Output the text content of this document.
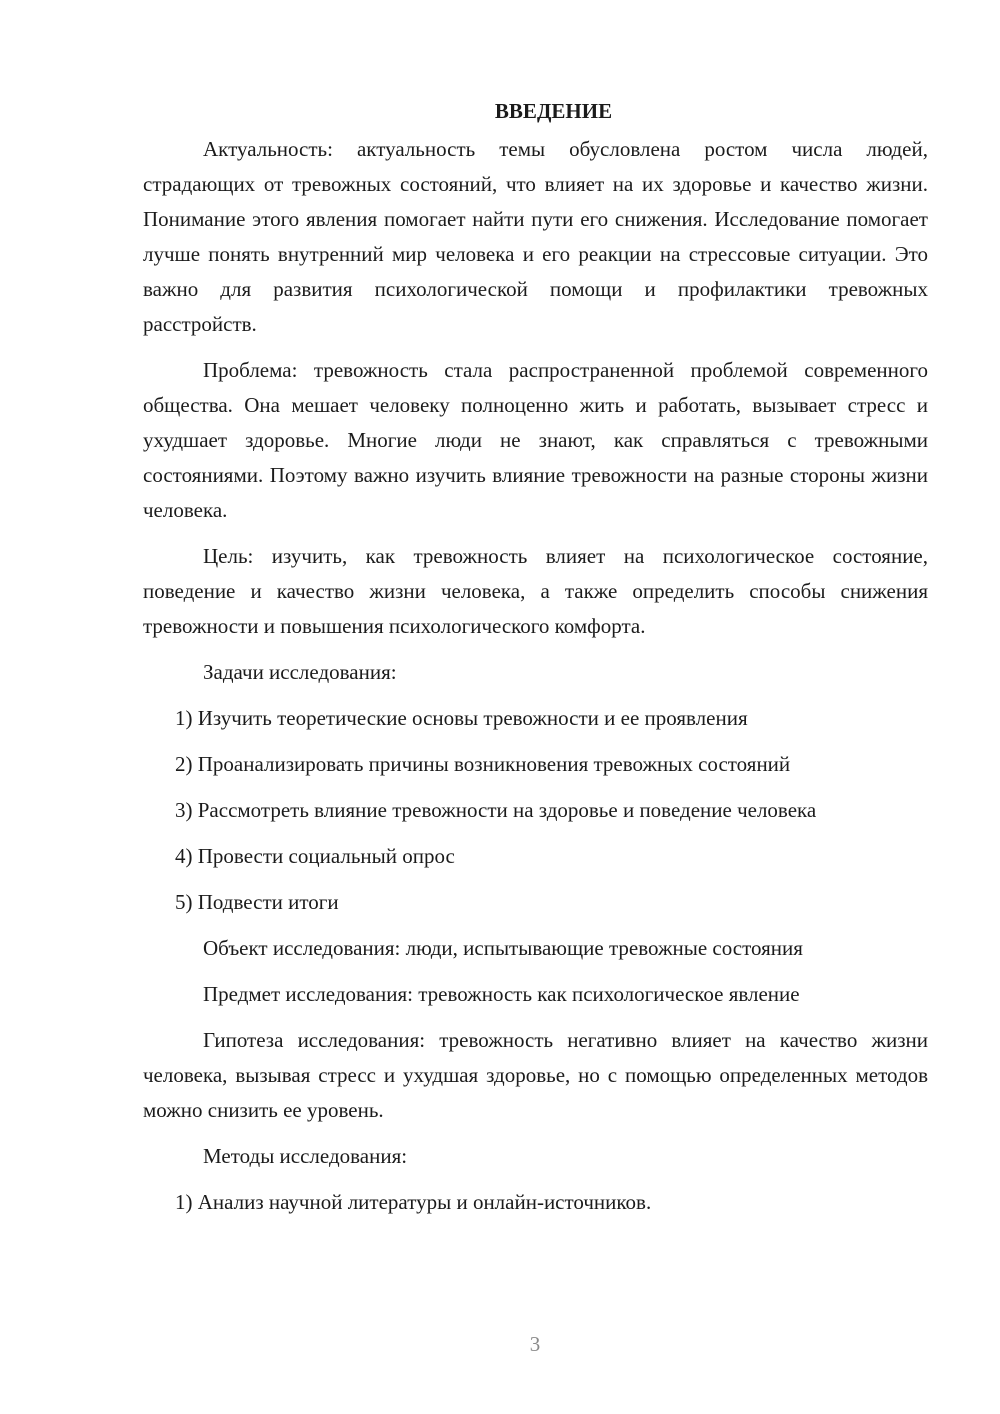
ВВЕДЕНИЕ

Актуальность: актуальность темы обусловлена ростом числа людей, страдающих от тревожных состояний, что влияет на их здоровье и качество жизни. Понимание этого явления помогает найти пути его снижения. Исследование помогает лучше понять внутренний мир человека и его реакции на стрессовые ситуации. Это важно для развития психологической помощи и профилактики тревожных расстройств.

Проблема: тревожность стала распространенной проблемой современного общества. Она мешает человеку полноценно жить и работать, вызывает стресс и ухудшает здоровье. Многие люди не знают, как справляться с тревожными состояниями. Поэтому важно изучить влияние тревожности на разные стороны жизни человека.

Цель: изучить, как тревожность влияет на психологическое состояние, поведение и качество жизни человека, а также определить способы снижения тревожности и повышения психологического комфорта.

Задачи исследования:

1) Изучить теоретические основы тревожности и ее проявления

2) Проанализировать причины возникновения тревожных состояний

3) Рассмотреть влияние тревожности на здоровье и поведение человека

4) Провести социальный опрос

5) Подвести итоги

Объект исследования: люди, испытывающие тревожные состояния

Предмет исследования: тревожность как психологическое явление

Гипотеза исследования: тревожность негативно влияет на качество жизни человека, вызывая стресс и ухудшая здоровье, но с помощью определенных методов можно снизить ее уровень.

Методы исследования:

1) Анализ научной литературы и онлайн-источников.

3
